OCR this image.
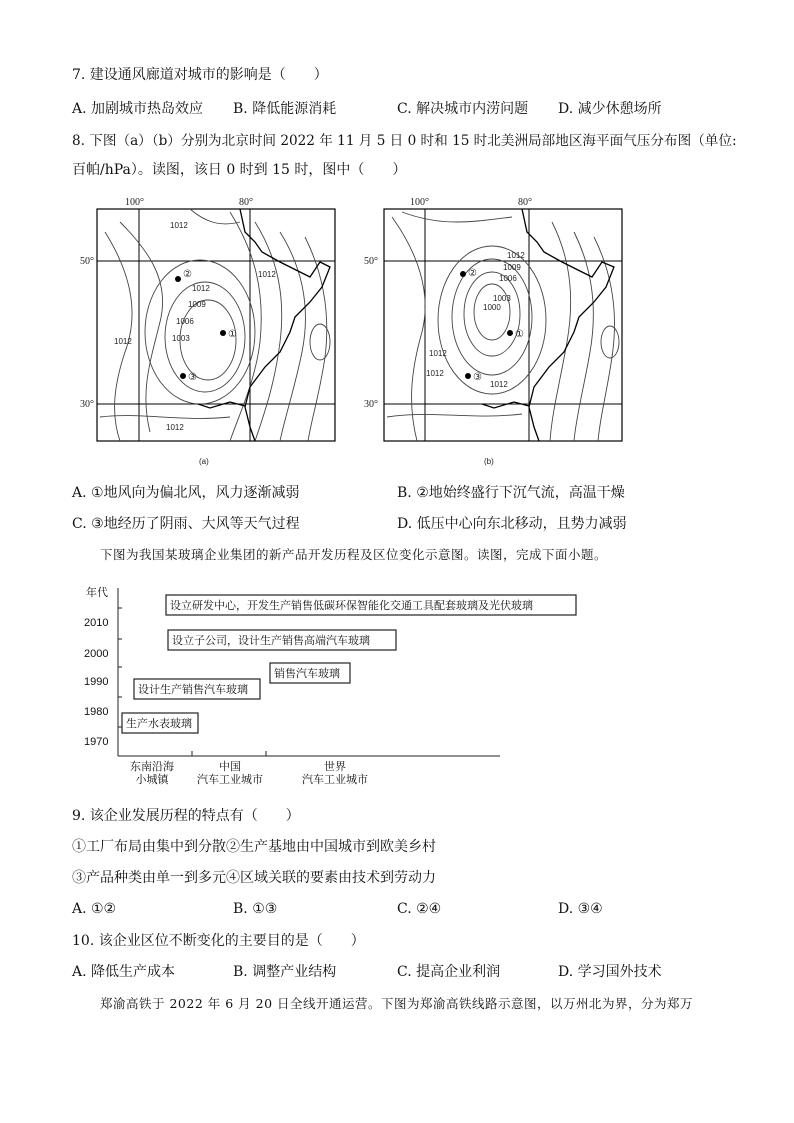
7. 建设通风廊道对城市的影响是（　　）
A. 加剧城市热岛效应 B. 降低能源消耗	C. 解决城市内涝问题 D. 减少休憩场所
8. 下图（a）（b）分别为北京时间 2022 年 11 月 5 日 0 时和 15 时北美洲局部地区海平面气压分布图（单位:
百帕/hPa）。读图，该日 0 时到 15 时，图中（　　）
100°	80°
50°
30°
1012
1012
1009
1006
1003
1012
1012
1012
①
②
③
(a)
100°	80°
50°
30°
1012
1009
1006
1003
1000
1012
1012
1012
①
②
③
(b)
A. ①地风向为偏北风，风力逐渐减弱	B. ②地始终盛行下沉气流，高温干燥
C. ③地经历了阴雨、大风等天气过程	D. 低压中心向东北移动，且势力减弱
下图为我国某玻璃企业集团的新产品开发历程及区位变化示意图。读图，完成下面小题。
年代
2010
2000
1990
1980
1970
东南沿海
小城镇
中国
汽车工业城市
世界
汽车工业城市
生产水表玻璃
设计生产销售汽车玻璃
销售汽车玻璃
设立子公司，设计生产销售高端汽车玻璃
设立研发中心，开发生产销售低碳环保智能化交通工具配套玻璃及光伏玻璃
9. 该企业发展历程的特点有（　　）
①工厂布局由集中到分散②生产基地由中国城市到欧美乡村
③产品种类由单一到多元④区域关联的要素由技术到劳动力
A. ①②	B. ①③	C. ②④	D. ③④
10. 该企业区位不断变化的主要目的是（　　）
A. 降低生产成本	B. 调整产业结构	C. 提高企业利润	D. 学习国外技术
郑渝高铁于 2022 年 6 月 20 日全线开通运营。下图为郑渝高铁线路示意图，以万州北为界，分为郑万
